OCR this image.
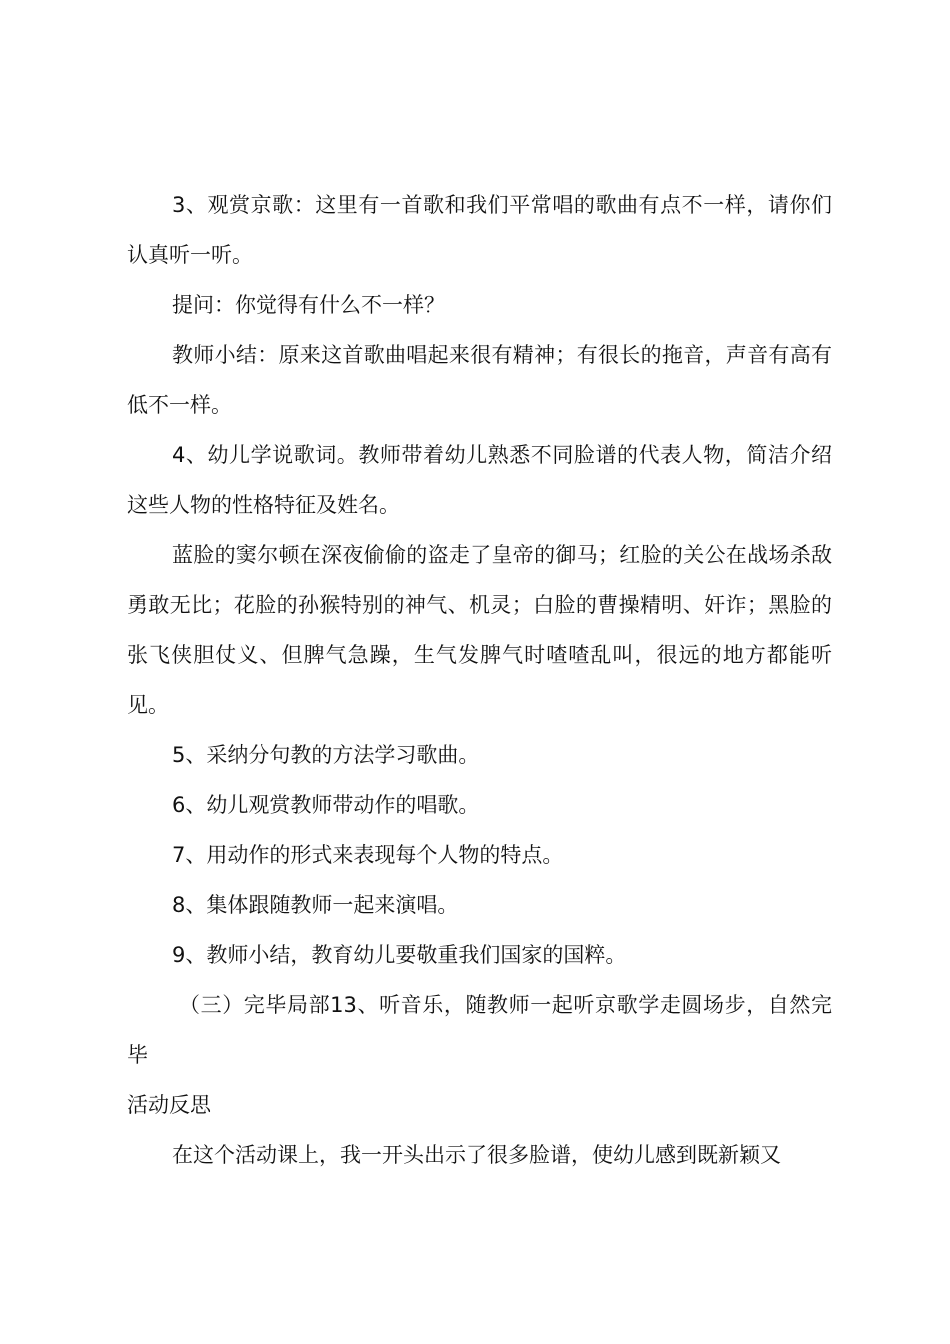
3、观赏京歌：这里有一首歌和我们平常唱的歌曲有点不一样，请你们认真听一听。

提问：你觉得有什么不一样？

教师小结：原来这首歌曲唱起来很有精神；有很长的拖音，声音有高有低不一样。

4、幼儿学说歌词。教师带着幼儿熟悉不同脸谱的代表人物，简洁介绍这些人物的性格特征及姓名。

蓝脸的窦尔顿在深夜偷偷的盗走了皇帝的御马；红脸的关公在战场杀敌勇敢无比；花脸的孙猴特别的神气、机灵；白脸的曹操精明、奸诈；黑脸的张飞侠胆仗义、但脾气急躁，生气发脾气时喳喳乱叫，很远的地方都能听见。

5、采纳分句教的方法学习歌曲。

6、幼儿观赏教师带动作的唱歌。

7、用动作的形式来表现每个人物的特点。

8、集体跟随教师一起来演唱。

9、教师小结，教育幼儿要敬重我们国家的国粹。

（三）完毕局部13、听音乐，随教师一起听京歌学走圆场步，自然完毕

活动反思

在这个活动课上，我一开头出示了很多脸谱，使幼儿感到既新颖又
